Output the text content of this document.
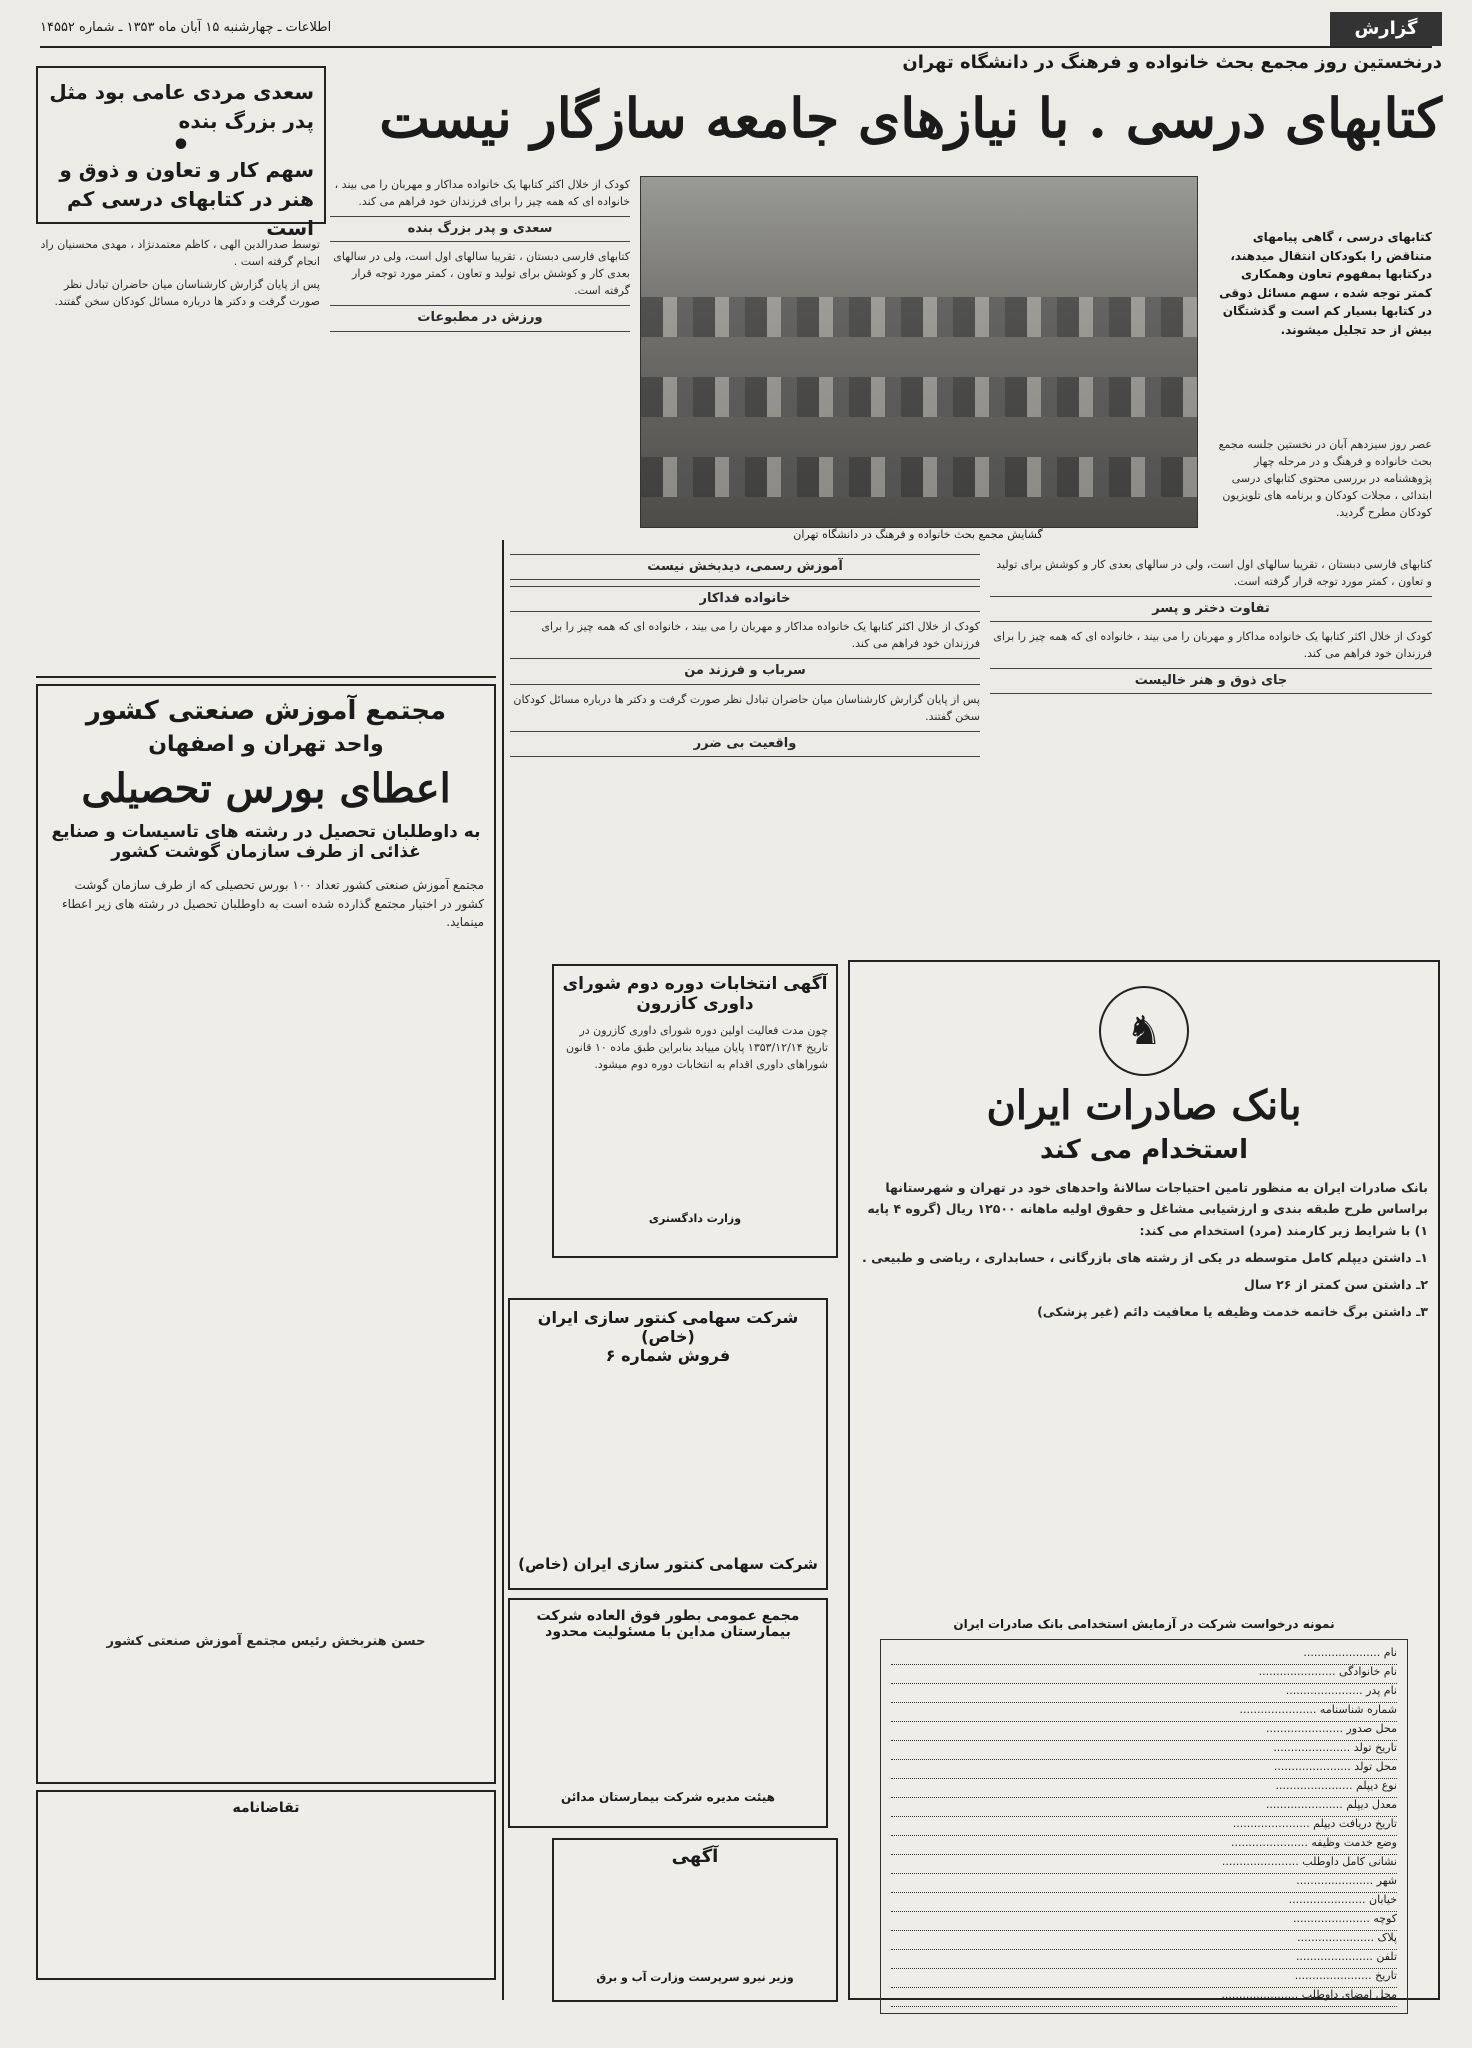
اطلاعات ـ چهارشنبه ۱۵ آبان ماه ۱۳۵۳ ـ شماره ۱۴۵۵۲	گزارش
درنخستین روز مجمع بحث خانواده و فرهنگ در دانشگاه تهران
کتابهای درسی . با نیازهای جامعه سازگار نیست
سعدی مردی عامی بود مثل پدر بزرگ بنده
•
سهم کار و تعاون و ذوق و هنر در کتابهای درسی کم است

توسط صدرالدین الهی ، کاظم معتمدنژاد ، مهدی محسنیان راد انجام گرفته است .

پس از پایان گزارش کارشناسان میان حاضران تبادل نظر صورت گرفت و دکتر ها درباره مسائل کودکان سخن گفتند.

کودک از خلال اکثر کتابها یک خانواده مداکار و مهربان را می بیند ، خانواده ای که همه چیز را برای فرزندان خود فراهم می کند.

سعدی و پدر بزرگ بنده

کتابهای فارسی دبستان ، تقریبا سالهای اول است، ولی در سالهای بعدی کار و کوشش برای تولید و تعاون ، کمتر مورد توجه قرار گرفته است.

ورزش در مطبوعات
گشایش مجمع بحث خانواده و فرهنگ در دانشگاه تهران
کتابهای درسی ، گاهی پیامهای متناقض را بکودکان انتقال میدهند، درکتابها بمفهوم تعاون وهمکاری کمتر توجه شده ، سهم مسائل ذوقی در کتابها بسیار کم است و گذشتگان بیش از حد تجلیل میشوند.

عصر روز سیزدهم آبان در نخستین جلسه مجمع بحث خانواده و فرهنگ و در مرحله چهار پژوهشنامه در بررسی محتوی کتابهای درسی ابتدائی ، مجلات کودکان و برنامه های تلویزیون کودکان مطرح گردید.

کتابهای فارسی دبستان ، تقریبا سالهای اول است، ولی در سالهای بعدی کار و کوشش برای تولید و تعاون ، کمتر مورد توجه قرار گرفته است.

تفاوت دختر و پسر

کودک از خلال اکثر کتابها یک خانواده مداکار و مهربان را می بیند ، خانواده ای که همه چیز را برای فرزندان خود فراهم می کند.

جای ذوق و هنر خالیست
آموزش رسمی، دیدبخش نیست
خانواده فداکار

کودک از خلال اکثر کتابها یک خانواده مداکار و مهربان را می بیند ، خانواده ای که همه چیز را برای فرزندان خود فراهم می کند.

سرباب و فرزند من

پس از پایان گزارش کارشناسان میان حاضران تبادل نظر صورت گرفت و دکتر ها درباره مسائل کودکان سخن گفتند.

واقعیت بی ضرر
مجتمع آموزش صنعتی کشور
واحد تهران و اصفهان
اعطای بورس تحصیلی
به داوطلبان تحصیل در رشته های تاسیسات و صنایع غذائی از طرف سازمان گوشت کشور

مجتمع آموزش صنعتی کشور تعداد ۱۰۰ بورس تحصیلی که از طرف سازمان گوشت کشور در اختیار مجتمع گذارده شده است به داوطلبان تحصیل در رشته های زیر اعطاء مینماید.

حسن هنربخش رئیس مجتمع آموزش صنعتی کشور
تقاضانامه
آگهی انتخابات دوره دوم شورای داوری کازرون

چون مدت فعالیت اولین دوره شورای داوری کازرون در تاریخ ۱۳۵۳/۱۲/۱۴ پایان مییابد بنابراین طبق ماده ۱۰ قانون شوراهای داوری اقدام به انتخابات دوره دوم میشود.

وزارت دادگستری
شرکت سهامی کنتور سازی ایران (خاص)
فروش شماره ۶
شرکت سهامی کنتور سازی ایران (خاص)
مجمع عمومی بطور فوق العاده شرکت بیمارستان مداین با مسئولیت محدود
هیئت مدیره شرکت بیمارستان مدائن
آگهی
وزیر نیرو سرپرست وزارت آب و برق
♞
بانک صادرات ایران
استخدام می کند

بانک صادرات ایران به منظور تامین احتیاجات سالانهٔ واحدهای خود در تهران و شهرستانها براساس طرح طبقه بندی و ارزشیابی مشاغل و حقوق اولیه ماهانه ۱۲۵۰۰ ریال (گروه ۴ پایه ۱) با شرایط زیر کارمند (مرد) استخدام می کند:

۱ـ داشتن دیپلم کامل متوسطه در یکی از رشته های بازرگانی ، حسابداری ، ریاضی و طبیعی .

۲ـ داشتن سن کمتر از ۲۶ سال

۳ـ داشتن برگ خاتمه خدمت وظیفه یا معافیت دائم (غیر پزشکی)

نمونه درخواست شرکت در آزمایش استخدامی بانک صادرات ایران
نام ......................
نام خانوادگی ......................
نام پدر ......................
شماره شناسنامه ......................
محل صدور ......................
تاریخ تولد ......................
محل تولد ......................
نوع دیپلم ......................
معدل دیپلم ......................
تاریخ دریافت دیپلم ......................
وضع خدمت وظیفه ......................
نشانی کامل داوطلب ......................
شهر ......................
خیابان ......................
کوچه ......................
پلاک ......................
تلفن ......................
تاریخ ......................
محل امضای داوطلب ......................
